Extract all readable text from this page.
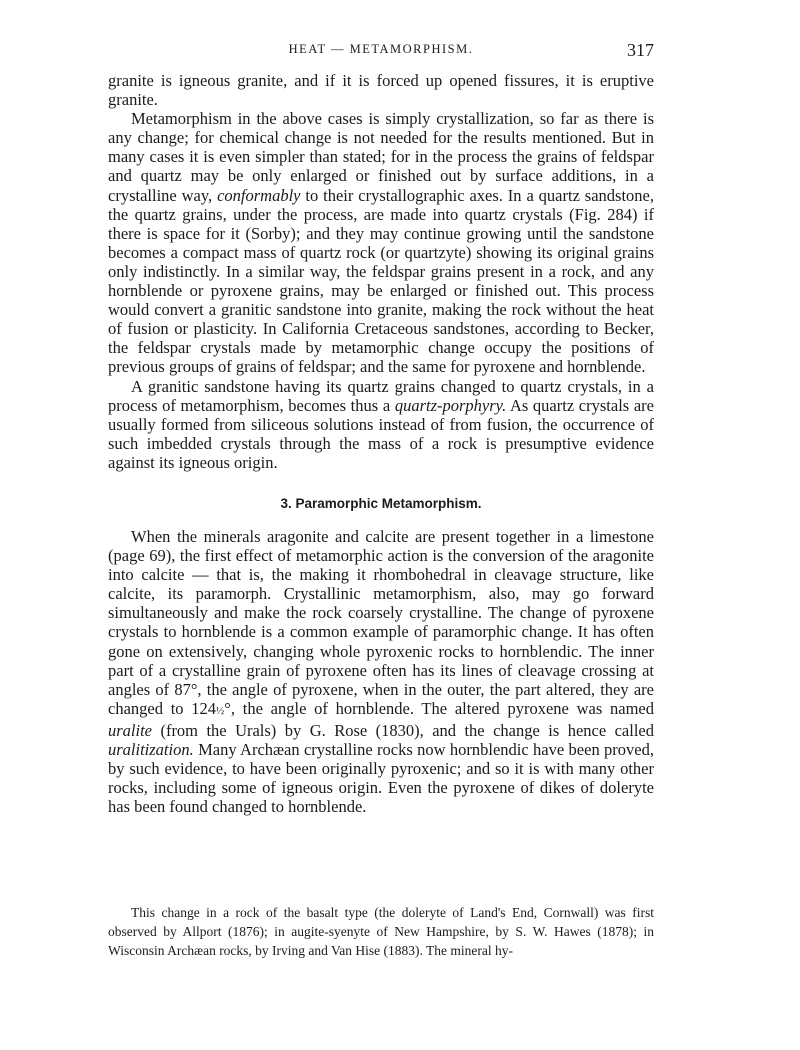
HEAT — METAMORPHISM.	317

granite is igneous granite, and if it is forced up opened fissures, it is eruptive granite.

Metamorphism in the above cases is simply crystallization, so far as there is any change; for chemical change is not needed for the results mentioned. But in many cases it is even simpler than stated; for in the process the grains of feldspar and quartz may be only enlarged or finished out by surface additions, in a crystalline way, conformably to their crystallographic axes. In a quartz sandstone, the quartz grains, under the process, are made into quartz crystals (Fig. 284) if there is space for it (Sorby); and they may continue growing until the sandstone becomes a compact mass of quartz rock (or quartzyte) showing its original grains only indistinctly. In a similar way, the feldspar grains present in a rock, and any hornblende or pyroxene grains, may be enlarged or finished out. This process would convert a granitic sandstone into granite, making the rock without the heat of fusion or plasticity. In California Cretaceous sandstones, according to Becker, the feldspar crystals made by metamorphic change occupy the positions of previous groups of grains of feldspar; and the same for pyroxene and hornblende.

A granitic sandstone having its quartz grains changed to quartz crystals, in a process of metamorphism, becomes thus a quartz-porphyry. As quartz crystals are usually formed from siliceous solutions instead of from fusion, the occurrence of such imbedded crystals through the mass of a rock is presumptive evidence against its igneous origin.

3. Paramorphic Metamorphism.

When the minerals aragonite and calcite are present together in a limestone (page 69), the first effect of metamorphic action is the conversion of the aragonite into calcite — that is, the making it rhombohedral in cleavage structure, like calcite, its paramorph. Crystallinic metamorphism, also, may go forward simultaneously and make the rock coarsely crystalline. The change of pyroxene crystals to hornblende is a common example of paramorphic change. It has often gone on extensively, changing whole pyroxenic rocks to hornblendic. The inner part of a crystalline grain of pyroxene often has its lines of cleavage crossing at angles of 87°, the angle of pyroxene, when in the outer, the part altered, they are changed to 124½°, the angle of hornblende. The altered pyroxene was named uralite (from the Urals) by G. Rose (1830), and the change is hence called uralitization. Many Archæan crystalline rocks now hornblendic have been proved, by such evidence, to have been originally pyroxenic; and so it is with many other rocks, including some of igneous origin. Even the pyroxene of dikes of doleryte has been found changed to hornblende.

This change in a rock of the basalt type (the doleryte of Land's End, Cornwall) was first observed by Allport (1876); in augite-syenyte of New Hampshire, by S. W. Hawes (1878); in Wisconsin Archæan rocks, by Irving and Van Hise (1883). The mineral hy-
